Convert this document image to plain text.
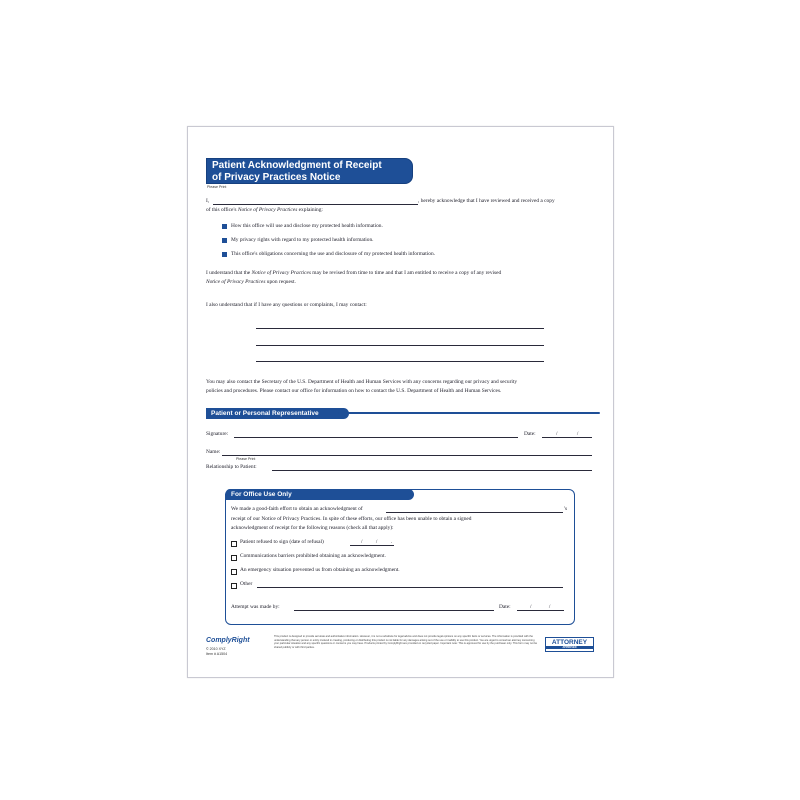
Patient Acknowledgment of Receipt
of Privacy Practices Notice
Please Print
I,	, hereby acknowledge that I have reviewed and received a copy
of this office's Notice of Privacy Practices explaining:
How this office will use and disclose my protected health information.
My privacy rights with regard to my protected health information.
This office's obligations concerning the use and disclosure of my protected health information.
I understand that the Notice of Privacy Practices may be revised from time to time and that I am entitled to receive a copy of any revised
Notice of Privacy Practices upon request.
I also understand that if I have any questions or complaints, I may contact:
You may also contact the Secretary of the U.S. Department of Health and Human Services with any concerns regarding our privacy and security
policies and procedures. Please contact our office for information on how to contact the U.S. Department of Health and Human Services.
Patient or Personal Representative
Signature:	Date:	/ /
Name:
Please Print
Relationship to Patient:
For Office Use Only
We made a good-faith effort to obtain an acknowledgment of	's
receipt of our Notice of Privacy Practices. In spite of these efforts, our office has been unable to obtain a signed
acknowledgment of receipt for the following reasons (check all that apply):
Patient refused to sign (date of refusal)	/ / .
Communications barriers prohibited obtaining an acknowledgment.
An emergency situation prevented us from obtaining an acknowledgment.
Other
Attempt was made by:	Date:	/ /
ComplyRight
© 2010 XYZ
Item # A1504
This product is designed to provide accurate and authoritative information. However, it is not a substitute for legal advice and does not provide legal opinions on any specific facts or services. The information is provided with the understanding that any person or entity involved in creating, producing or distributing this product is not liable for any damages arising out of the use or inability to use this product. You are urged to consult an attorney concerning your particular situation and any specific questions or concerns you may have. Products printed by ComplyRight are provided on recycled paper. Important note: This is approved for use by the purchaser only. This form may not be shared publicly or with third parties.
ATTORNEY
APPROVED
